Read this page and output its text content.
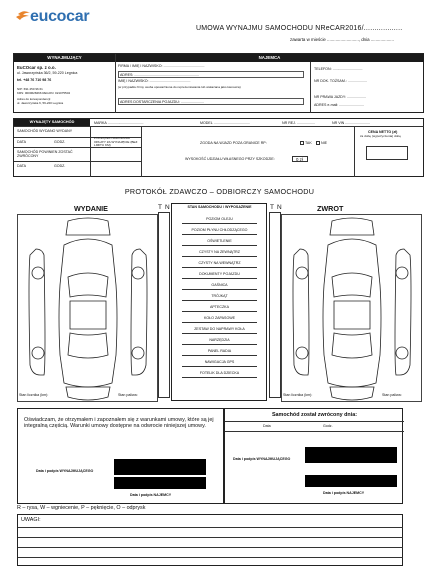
eucocar
UMOWA WYNAJMU SAMOCHODU NReCAR2016/..................
zawarta w mieście .........................., dnia ...................
WYNAJMUJĄCY	NAJEMCA
EuCOcar sp. z o.o.
ul. Jaworzyńska 36/2, 59-220 Legnica
tel. +48 76 710 98 76
NIP: 691 250 96 61
KRS: 0000628466 REGON: 021075504
Adres do korespondencji:
ul. Jaworzyńska 6, 59-220 Legnica
FIRMA / IMIĘ I NAZWISKO: .........................................
ADRES: .................................................................
IMIĘ I NAZWISKO: .........................................
(w przypadku firmy osoba upoważniona do reprezentowania lub wskazana jako kierowca)
ADRES DOSTARCZENIA POJAZDU: .......................
TELEFON: ..............................
NR DOK. TOŻSAM.: ...................
NR PRAWA JAZDY: ...................
ADRES e-mail: .........................
WYNAJĘTY SAMOCHÓD	MARKA ....................................	MODEL ....................................	NR REJ. ..................	NR VIN .........................
SAMOCHÓD WYDANO WYDANY
DATA	GODZ.
SAMOCHÓD POWINIEN ZOSTAĆ ZWRÓCONY
DATA	GODZ.
POCZĄTEK NALICZANIA OPŁATY ZA WYNAJĘCIE (BEZ LIMITU KM)
ZGODA NA WJAZD POZA GRANICE RP:	TAK	NIE
WYSOKOŚĆ UDZIAŁU WŁASNEGO PRZY SZKODZIE:	0 zł
CENA NETTO (zł)
za dobę (wypożyczenia) dobę
PROTOKÓŁ ZDAWCZO – ODBIORCZY SAMOCHODU
WYDANIE	ZWROT
T N	T N
STAN SAMOCHODU / WYPOSAŻENIE
POZIOM OLEJU
POZIOM PŁYNU CHŁODZĄCEGO
OŚWIETLENIE
CZYSTY NA ZEWNĄTRZ
CZYSTY NA WEWNĄTRZ
DOKUMENTY POJAZDU
GAŚNICA
TRÓJKĄT
APTECZKA
KOŁO ZAPASOWE
ZESTAW DO NAPRAWY KOŁA
NARZĘDZIA
PANEL RADIA
NAWIGACJA GPS
FOTELIK DLA DZIECKA
Stan licznika (km):	Stan paliwa:	Stan licznika (km):	Stan paliwa:
Oświadczam, że otrzymałem i zapoznałem się z warunkami umowy, które są jej integralną częścią. Warunki umowy dostępne na odwrocie niniejszej umowy.
Data i podpis WYNAJMUJĄCEGO
Data i podpis NAJEMCY
Samochód został zwrócony dnia:
Data	Godz.
Data i podpis WYNAJMUJĄCEGO
Data i podpis NAJEMCY
R – rysa, W – wgniecenie, P – pęknięcie, O – odprysk
UWAGI:
